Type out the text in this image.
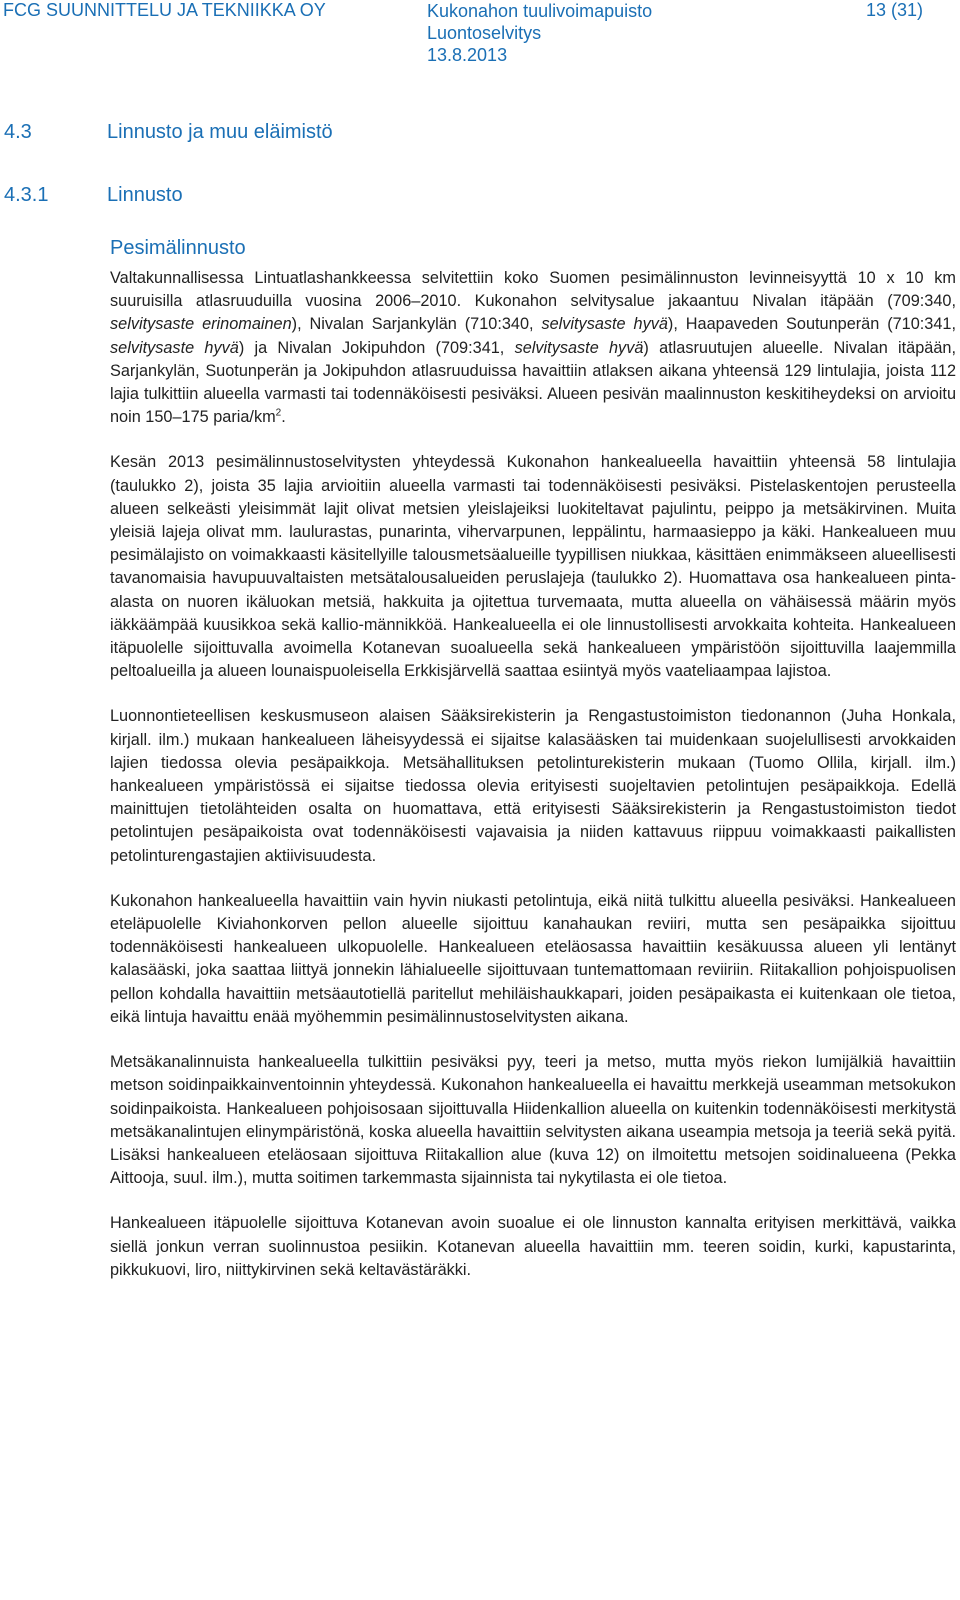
FCG SUUNNITTELU JA TEKNIIKKA OY	Kukonahon tuulivoimapuisto
Luontoselvitys
13.8.2013
13 (31)
4.3	Linnusto ja muu eläimistö
4.3.1	Linnusto
Pesimälinnusto

Valtakunnallisessa Lintuatlashankkeessa selvitettiin koko Suomen pesimälinnuston levinneisyyttä 10 x 10 km suuruisilla atlasruuduilla vuosina 2006–2010. Kukonahon selvitysalue jakaantuu Nivalan itäpään (709:340, selvitysaste erinomainen), Nivalan Sarjankylän (710:340, selvitysaste hyvä), Haapaveden Soutunperän (710:341, selvitysaste hyvä) ja Nivalan Jokipuhdon (709:341, selvitysaste hyvä) atlasruutujen alueelle. Nivalan itäpään, Sarjankylän, Suotunperän ja Jokipuhdon atlasruuduissa havaittiin atlaksen aikana yhteensä 129 lintulajia, joista 112 lajia tulkittiin alueella varmasti tai todennäköisesti pesiväksi. Alueen pesivän maalinnuston keskitiheydeksi on arvioitu noin 150–175 paria/$km^2$.

Kesän 2013 pesimälinnustoselvitysten yhteydessä Kukonahon hankealueella havaittiin yhteensä 58 lintulajia (taulukko 2), joista 35 lajia arvioitiin alueella varmasti tai todennäköisesti pesiväksi. Pistelaskentojen perusteella alueen selkeästi yleisimmät lajit olivat metsien yleislajeiksi luokiteltavat pajulintu, peippo ja metsäkirvinen. Muita yleisiä lajeja olivat mm. laulurastas, punarinta, vihervarpunen, leppälintu, harmaasieppo ja käki. Hankealueen muu pesimälajisto on voimakkaasti käsitellyille talousmetsäalueille tyypillisen niukkaa, käsittäen enimmäkseen alueellisesti tavanomaisia havupuuvaltaisten metsätalousalueiden peruslajeja (taulukko 2). Huomattava osa hankealueen pinta-alasta on nuoren ikäluokan metsiä, hakkuita ja ojitettua turvemaata, mutta alueella on vähäisessä määrin myös iäkkäämpää kuusikkoa sekä kallio-männikköä. Hankealueella ei ole linnustollisesti arvokkaita kohteita. Hankealueen itäpuolelle sijoittuvalla avoimella Kotanevan suoalueella sekä hankealueen ympäristöön sijoittuvilla laajemmilla peltoalueilla ja alueen lounaispuoleisella Erkkisjärvellä saattaa esiintyä myös vaateliaampaa lajistoa.

Luonnontieteellisen keskusmuseon alaisen Sääksirekisterin ja Rengastustoimiston tiedonannon (Juha Honkala, kirjall. ilm.) mukaan hankealueen läheisyydessä ei sijaitse kalasääsken tai muidenkaan suojelullisesti arvokkaiden lajien tiedossa olevia pesäpaikkoja. Metsähallituksen petolinturekisterin mukaan (Tuomo Ollila, kirjall. ilm.) hankealueen ympäristössä ei sijaitse tiedossa olevia erityisesti suojeltavien petolintujen pesäpaikkoja. Edellä mainittujen tietolähteiden osalta on huomattava, että erityisesti Sääksirekisterin ja Rengastustoimiston tiedot petolintujen pesäpaikoista ovat todennäköisesti vajavaisia ja niiden kattavuus riippuu voimakkaasti paikallisten petolinturengastajien aktiivisuudesta.

Kukonahon hankealueella havaittiin vain hyvin niukasti petolintuja, eikä niitä tulkittu alueella pesiväksi. Hankealueen eteläpuolelle Kiviahonkorven pellon alueelle sijoittuu kanahaukan reviiri, mutta sen pesäpaikka sijoittuu todennäköisesti hankealueen ulkopuolelle. Hankealueen eteläosassa havaittiin kesäkuussa alueen yli lentänyt kalasääski, joka saattaa liittyä jonnekin lähialueelle sijoittuvaan tuntemattomaan reviiriin. Riitakallion pohjoispuolisen pellon kohdalla havaittiin metsäautotiellä paritellut mehiläishaukkapari, joiden pesäpaikasta ei kuitenkaan ole tietoa, eikä lintuja havaittu enää myöhemmin pesimälinnustoselvitysten aikana.

Metsäkanalinnuista hankealueella tulkittiin pesiväksi pyy, teeri ja metso, mutta myös riekon lumijälkiä havaittiin metson soidinpaikkainventoinnin yhteydessä. Kukonahon hankealueella ei havaittu merkkejä useamman metsokukon soidinpaikoista. Hankealueen pohjoisosaan sijoittuvalla Hiidenkallion alueella on kuitenkin todennäköisesti merkitystä metsäkanalintujen elinympäristönä, koska alueella havaittiin selvitysten aikana useampia metsoja ja teeriä sekä pyitä. Lisäksi hankealueen eteläosaan sijoittuva Riitakallion alue (kuva 12) on ilmoitettu metsojen soidinalueena (Pekka Aittooja, suul. ilm.), mutta soitimen tarkemmasta sijainnista tai nykytilasta ei ole tietoa.

Hankealueen itäpuolelle sijoittuva Kotanevan avoin suoalue ei ole linnuston kannalta erityisen merkittävä, vaikka siellä jonkun verran suolinnustoa pesiikin. Kotanevan alueella havaittiin mm. teeren soidin, kurki, kapustarinta, pikkukuovi, liro, niittykirvinen sekä keltavästäräkki.
